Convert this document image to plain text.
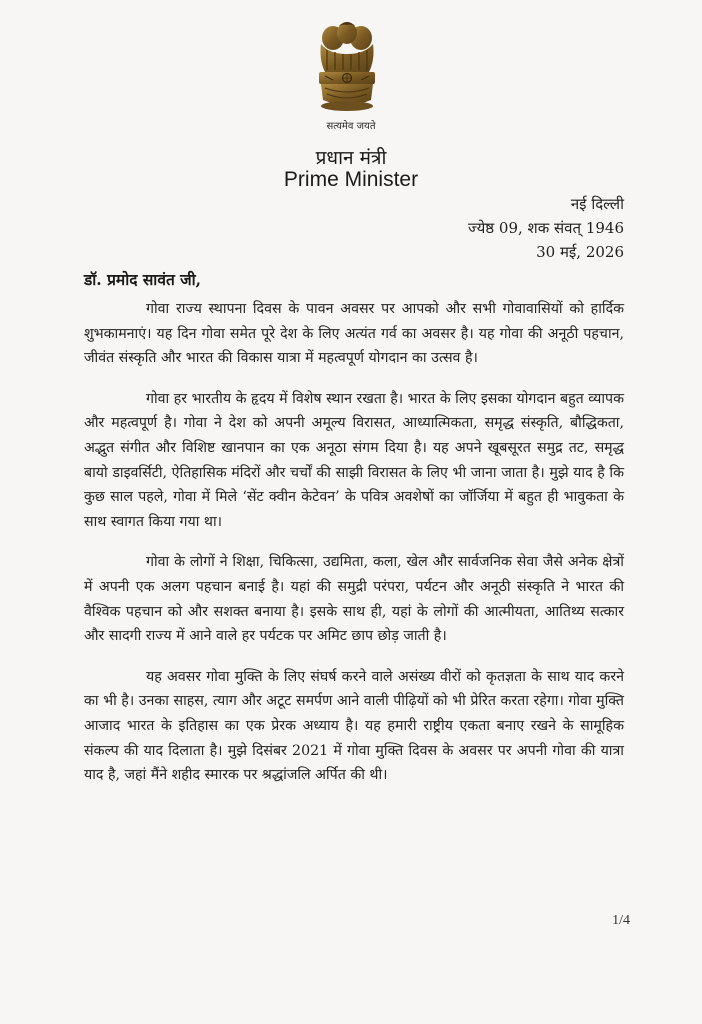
सत्यमेव जयते
प्रधान मंत्री
Prime Minister
नई दिल्ली
ज्येष्ठ 09, शक संवत् 1946
30 मई, 2026
डॉ. प्रमोद सावंत जी,

गोवा राज्य स्थापना दिवस के पावन अवसर पर आपको और सभी गोवावासियों को हार्दिक शुभकामनाएं। यह दिन गोवा समेत पूरे देश के लिए अत्यंत गर्व का अवसर है। यह गोवा की अनूठी पहचान, जीवंत संस्कृति और भारत की विकास यात्रा में महत्वपूर्ण योगदान का उत्सव है।

गोवा हर भारतीय के हृदय में विशेष स्थान रखता है। भारत के लिए इसका योगदान बहुत व्यापक और महत्वपूर्ण है। गोवा ने देश को अपनी अमूल्य विरासत, आध्यात्मिकता, समृद्ध संस्कृति, बौद्धिकता, अद्भुत संगीत और विशिष्ट खानपान का एक अनूठा संगम दिया है। यह अपने खूबसूरत समुद्र तट, समृद्ध बायो डाइवर्सिटी, ऐतिहासिक मंदिरों और चर्चों की साझी विरासत के लिए भी जाना जाता है। मुझे याद है कि कुछ साल पहले, गोवा में मिले ‘सेंट क्वीन केटेवन’ के पवित्र अवशेषों का जॉर्जिया में बहुत ही भावुकता के साथ स्वागत किया गया था।

गोवा के लोगों ने शिक्षा, चिकित्सा, उद्यमिता, कला, खेल और सार्वजनिक सेवा जैसे अनेक क्षेत्रों में अपनी एक अलग पहचान बनाई है। यहां की समुद्री परंपरा, पर्यटन और अनूठी संस्कृति ने भारत की वैश्विक पहचान को और सशक्त बनाया है। इसके साथ ही, यहां के लोगों की आत्मीयता, आतिथ्य सत्कार और सादगी राज्य में आने वाले हर पर्यटक पर अमिट छाप छोड़ जाती है।

यह अवसर गोवा मुक्ति के लिए संघर्ष करने वाले असंख्य वीरों को कृतज्ञता के साथ याद करने का भी है। उनका साहस, त्याग और अटूट समर्पण आने वाली पीढ़ियों को भी प्रेरित करता रहेगा। गोवा मुक्ति आजाद भारत के इतिहास का एक प्रेरक अध्याय है। यह हमारी राष्ट्रीय एकता बनाए रखने के सामूहिक संकल्प की याद दिलाता है। मुझे दिसंबर 2021 में गोवा मुक्ति दिवस के अवसर पर अपनी गोवा की यात्रा याद है, जहां मैंने शहीद स्मारक पर श्रद्धांजलि अर्पित की थी।

1/4
